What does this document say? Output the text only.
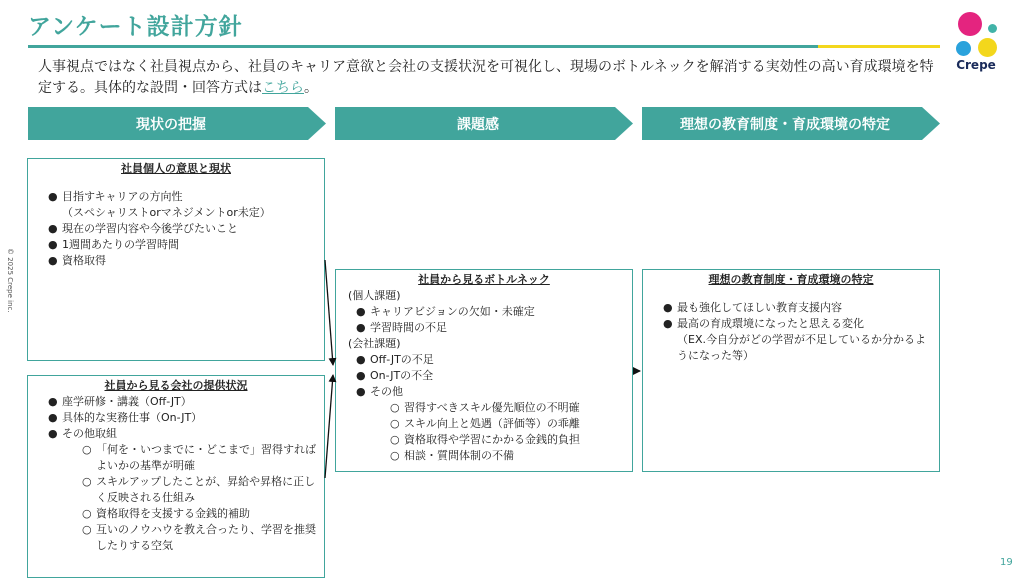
アンケート設計方針
Crepe
人事視点ではなく社員視点から、社員のキャリア意欲と会社の支援状況を可視化し、現場のボトルネックを解消する実効性の高い育成環境を特定する。具体的な設問・回答方式はこちら。
現状の把握	課題感	理想の教育制度・育成環境の特定
社員個人の意思と現状
● 目指すキャリアの方向性
（スペシャリストorマネジメントor未定）
● 現在の学習内容や今後学びたいこと
● 1週間あたりの学習時間
● 資格取得
社員から見る会社の提供状況
● 座学研修・講義（Off-JT）
● 具体的な実務仕事（On-JT）
● その他取組
○ 「何を・いつまでに・どこまで」習得すればよいかの基準が明確
○ スキルアップしたことが、昇給や昇格に正しく反映される仕組み
○ 資格取得を支援する金銭的補助
○ 互いのノウハウを教え合ったり、学習を推奨したりする空気
社員から見るボトルネック
(個人課題)
● キャリアビジョンの欠如・未確定
● 学習時間の不足
(会社課題)
● Off-JTの不足
● On-JTの不全
● その他
○ 習得すべきスキル優先順位の不明確
○ スキル向上と処遇（評価等）の乖離
○ 資格取得や学習にかかる金銭的負担
○ 相談・質問体制の不備
理想の教育制度・育成環境の特定
● 最も強化してほしい教育支援内容
● 最高の育成環境になったと思える変化
（EX.今自分がどの学習が不足しているか分かるようになった等）
© 2025 Crepe inc.
19
